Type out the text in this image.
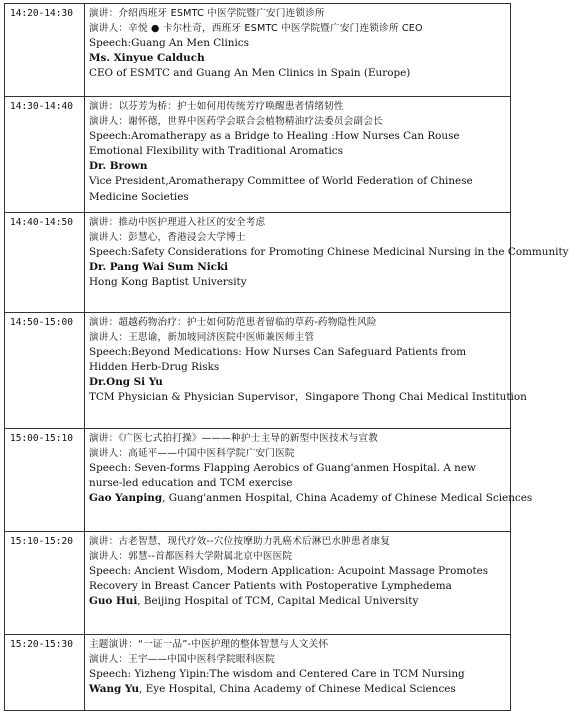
14:20-14:30	演讲：介绍西班牙 ESMTC 中医学院暨广安门连锁诊所
演讲人：辛悦 ● 卡尔杜奇，西班牙 ESMTC 中医学院暨广安门连锁诊所 CEO
Speech:Guang An Men Clinics
Ms. Xinyue Calduch
CEO of ESMTC and Guang An Men Clinics in Spain (Europe)

14:30-14:40	演讲：以芬芳为桥：护士如何用传统芳疗唤醒患者情绪韧性
演讲人：谢怀德，世界中医药学会联合会植物精油疗法委员会副会长
Speech:Aromatherapy as a Bridge to Healing :How Nurses Can Rouse Emotional Flexibility with Traditional Aromatics
Dr. Brown
Vice President,Aromatherapy Committee of World Federation of Chinese Medicine Societies

14:40-14:50	演讲：推动中医护理进入社区的安全考虑
演讲人：彭慧心，香港浸会大学博士
Speech:Safety Considerations for Promoting Chinese Medicinal Nursing in the Community
Dr. Pang Wai Sum Nicki
Hong Kong Baptist University

14:50-15:00	演讲：超越药物治疗：护士如何防范患者留临的草药-药物隐性风险
演讲人：王思谕，新加坡同济医院中医师兼医师主管
Speech:Beyond Medications: How Nurses Can Safeguard Patients from Hidden Herb-Drug Risks
Dr.Ong Si Yu
TCM Physician & Physician Supervisor，Singapore Thong Chai Medical Institution

15:00-15:10	演讲：《广医七式拍打操》———种护士主导的新型中医技术与宣教
演讲人：高延平——中国中医科学院广安门医院
Speech: Seven-forms Flapping Aerobics of Guang'anmen Hospital. A new nurse-led education and TCM exercise
Gao Yanping, Guang'anmen Hospital, China Academy of Chinese Medical Sciences

15:10-15:20	演讲：古老智慧，现代疗效--穴位按摩助力乳癌术后淋巴水肿患者康复
演讲人：郭慧--首都医科大学附属北京中医医院
Speech: Ancient Wisdom, Modern Application: Acupoint Massage Promotes Recovery in Breast Cancer Patients with Postoperative Lymphedema
Guo Hui, Beijing Hospital of TCM, Capital Medical University

15:20-15:30	主题演讲：“一证一品”-中医护理的整体智慧与人文关怀
演讲人：王宇——中国中医科学院眼科医院
Speech: Yizheng Yipin:The wisdom and Centered Care in TCM Nursing
Wang Yu, Eye Hospital, China Academy of Chinese Medical Sciences
